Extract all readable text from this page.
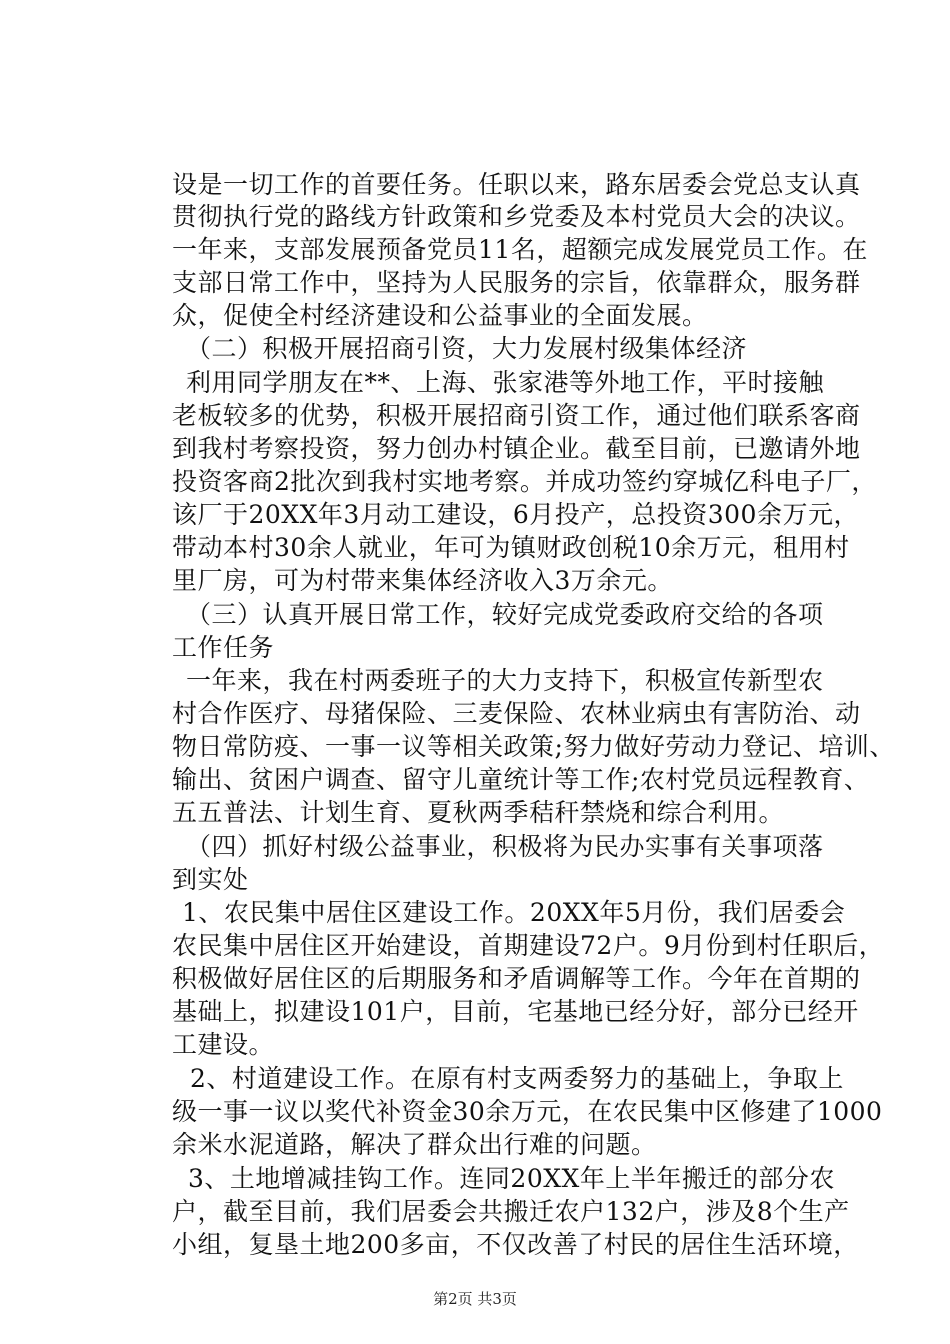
设是一切工作的首要任务。任职以来，路东居委会党总支认真
贯彻执行党的路线方针政策和乡党委及本村党员大会的决议。
一年来，支部发展预备党员11名，超额完成发展党员工作。在
支部日常工作中，坚持为人民服务的宗旨，依靠群众，服务群
众，促使全村经济建设和公益事业的全面发展。
（二）积极开展招商引资，大力发展村级集体经济
利用同学朋友在**、上海、张家港等外地工作，平时接触
老板较多的优势，积极开展招商引资工作，通过他们联系客商
到我村考察投资，努力创办村镇企业。截至目前，已邀请外地
投资客商2批次到我村实地考察。并成功签约穿城亿科电子厂，
该厂于20XX年3月动工建设，6月投产，总投资300余万元，
带动本村30余人就业，年可为镇财政创税10余万元，租用村
里厂房，可为村带来集体经济收入3万余元。
（三）认真开展日常工作，较好完成党委政府交给的各项
工作任务
一年来，我在村两委班子的大力支持下，积极宣传新型农
村合作医疗、母猪保险、三麦保险、农林业病虫有害防治、动
物日常防疫、一事一议等相关政策;努力做好劳动力登记、培训、
输出、贫困户调查、留守儿童统计等工作;农村党员远程教育、
五五普法、计划生育、夏秋两季秸秆禁烧和综合利用。
（四）抓好村级公益事业，积极将为民办实事有关事项落
到实处
1、农民集中居住区建设工作。20XX年5月份，我们居委会
农民集中居住区开始建设，首期建设72户。9月份到村任职后，
积极做好居住区的后期服务和矛盾调解等工作。今年在首期的
基础上，拟建设101户，目前，宅基地已经分好，部分已经开
工建设。
2、村道建设工作。在原有村支两委努力的基础上，争取上
级一事一议以奖代补资金30余万元，在农民集中区修建了1000
余米水泥道路，解决了群众出行难的问题。
3、土地增减挂钩工作。连同20XX年上半年搬迁的部分农
户，截至目前，我们居委会共搬迁农户132户，涉及8个生产
小组，复垦土地200多亩，不仅改善了村民的居住生活环境，
第2页 共3页
